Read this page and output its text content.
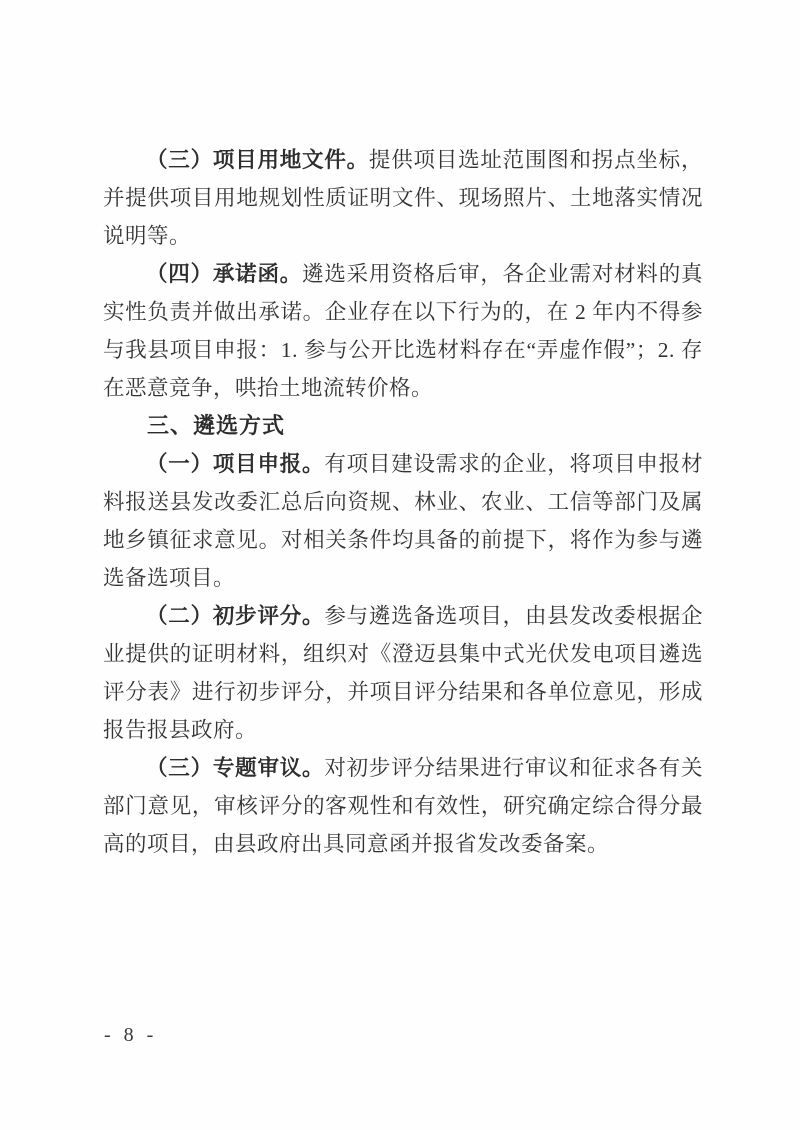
（三）项目用地文件。提供项目选址范围图和拐点坐标，并提供项目用地规划性质证明文件、现场照片、土地落实情况说明等。

（四）承诺函。遴选采用资格后审，各企业需对材料的真实性负责并做出承诺。企业存在以下行为的，在 2 年内不得参与我县项目申报：1. 参与公开比选材料存在“弄虚作假”；2. 存在恶意竞争，哄抬土地流转价格。

三、遴选方式

（一）项目申报。有项目建设需求的企业，将项目申报材料报送县发改委汇总后向资规、林业、农业、工信等部门及属地乡镇征求意见。对相关条件均具备的前提下，将作为参与遴选备选项目。

（二）初步评分。参与遴选备选项目，由县发改委根据企业提供的证明材料，组织对《澄迈县集中式光伏发电项目遴选评分表》进行初步评分，并项目评分结果和各单位意见，形成报告报县政府。

（三）专题审议。对初步评分结果进行审议和征求各有关部门意见，审核评分的客观性和有效性，研究确定综合得分最高的项目，由县政府出具同意函并报省发改委备案。

- 8 -
